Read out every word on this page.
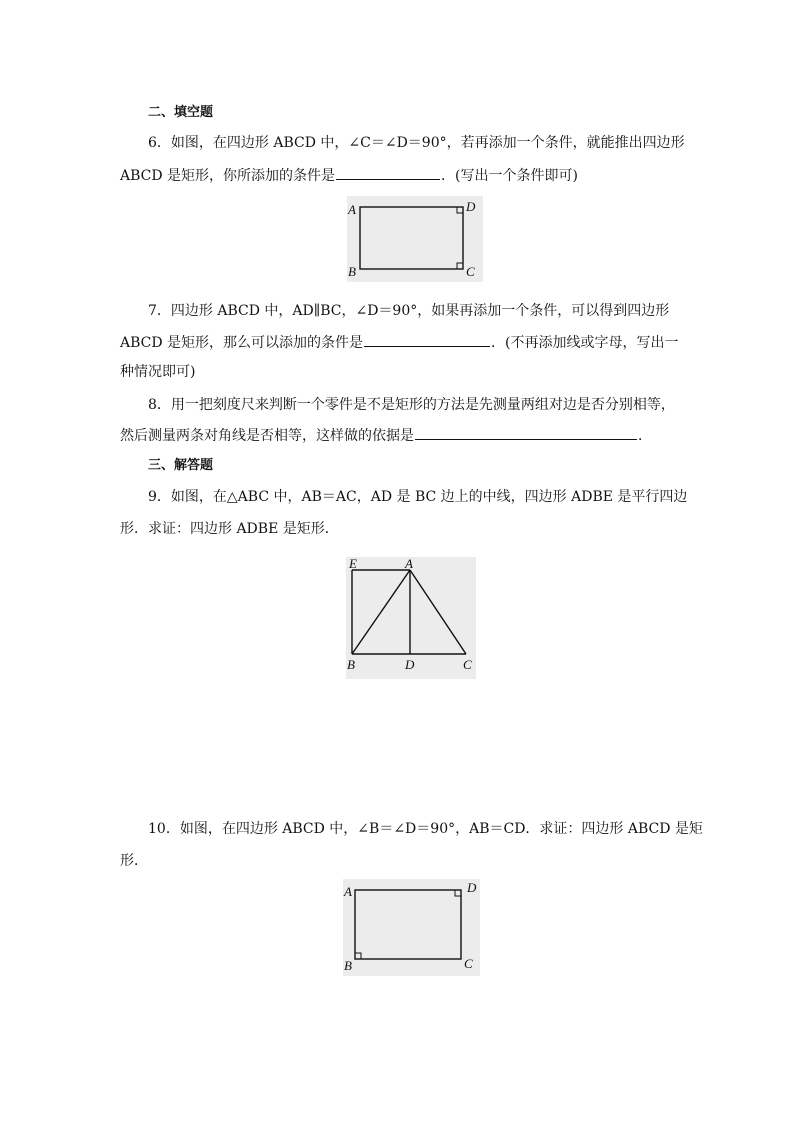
二、填空题
6．如图，在四边形 ABCD 中，∠C＝∠D＝90°，若再添加一个条件，就能推出四边形
ABCD 是矩形，你所添加的条件是	．(写出一个条件即可)
A	D
B	C
7．四边形 ABCD 中，AD∥BC，∠D＝90°，如果再添加一个条件，可以得到四边形
ABCD 是矩形，那么可以添加的条件是	．(不再添加线或字母，写出一
种情况即可)
8．用一把刻度尺来判断一个零件是不是矩形的方法是先测量两组对边是否分别相等，
然后测量两条对角线是否相等，这样做的依据是	．
三、解答题
9．如图，在△ABC 中，AB＝AC，AD 是 BC 边上的中线，四边形 ADBE 是平行四边
形．求证：四边形 ADBE 是矩形．
E	A
B	D	C
10．如图，在四边形 ABCD 中，∠B＝∠D＝90°，AB＝CD．求证：四边形 ABCD 是矩
形．
A	D
B	C
